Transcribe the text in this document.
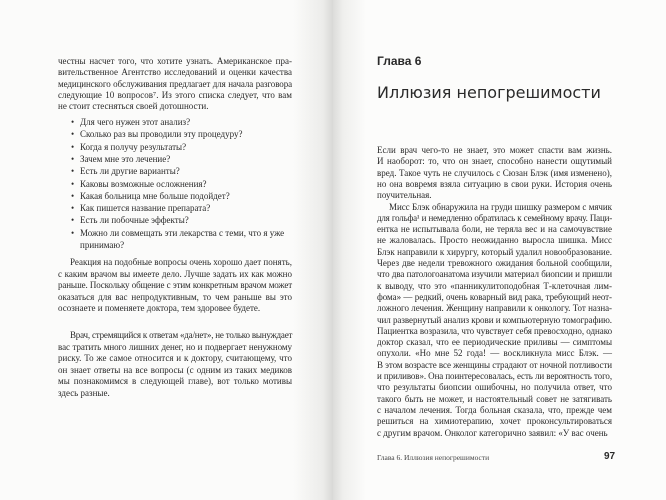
Глава 6
Иллюзия непогрешимости
Глава 6. Иллюзия непогрешимости	97
честны насчет того, что хотите узнать. Американское пра-
вительственное Агентство исследований и оценки качества
медицинского обслуживания предлагает для начала разговора
следующие 10 вопросов⁷. Из этого списка следует, что вам
не стоит стесняться своей дотошности.
• Для чего нужен этот анализ?
• Сколько раз вы проводили эту процедуру?
• Когда я получу результаты?
• Зачем мне это лечение?
• Есть ли другие варианты?
• Каковы возможные осложнения?
• Какая больница мне больше подойдет?
• Как пишется название препарата?
• Есть ли побочные эффекты?
• Можно ли совмещать эти лекарства с теми, что я уже
принимаю?
Реакция на подобные вопросы очень хорошо дает понять,
с каким врачом вы имеете дело. Лучше задать их как можно
раньше. Поскольку общение с этим конкретным врачом может
оказаться для вас непродуктивным, то чем раньше вы это
осознаете и поменяете доктора, тем здоровее будете.
Врач, стремящийся к ответам «да/нет», не только вынуждает
вас тратить много лишних денег, но и подвергает ненужному
риску. То же самое относится и к доктору, считающему, что
он знает ответы на все вопросы (с одним из таких медиков
мы познакомимся в следующей главе), вот только мотивы
здесь разные.
Если врач чего-то не знает, это может спасти вам жизнь.
И наоборот: то, что он знает, способно нанести ощутимый
вред. Такое чуть не случилось с Сюзан Блэк (имя изменено),
но она вовремя взяла ситуацию в свои руки. История очень
поучительная.
Мисс Блэк обнаружила на груди шишку размером с мячик
для гольфа¹ и немедленно обратилась к семейному врачу. Паци-
ентка не испытывала боли, не теряла вес и на самочувствие
не жаловалась. Просто неожиданно выросла шишка. Мисс
Блэк направили к хирургу, который удалил новообразование.
Через две недели тревожного ожидания больной сообщили,
что два патологоанатома изучили материал биопсии и пришли
к выводу, что это «панникулитоподобная Т-клеточная лим-
фома» — редкий, очень коварный вид рака, требующий неот-
ложного лечения. Женщину направили к онкологу. Тот назна-
чил развернутый анализ крови и компьютерную томографию.
Пациентка возразила, что чувствует себя превосходно, однако
доктор сказал, что ее периодические приливы — симптомы
опухоли. «Но мне 52 года! — воскликнула мисс Блэк. —
В этом возрасте все женщины страдают от ночной потливости
и приливов». Она поинтересовалась, есть ли вероятность того,
что результаты биопсии ошибочны, но получила ответ, что
такого быть не может, и настоятельный совет не затягивать
с началом лечения. Тогда больная сказала, что, прежде чем
решиться на химиотерапию, хочет проконсультироваться
с другим врачом. Онколог категорично заявил: «У вас очень
